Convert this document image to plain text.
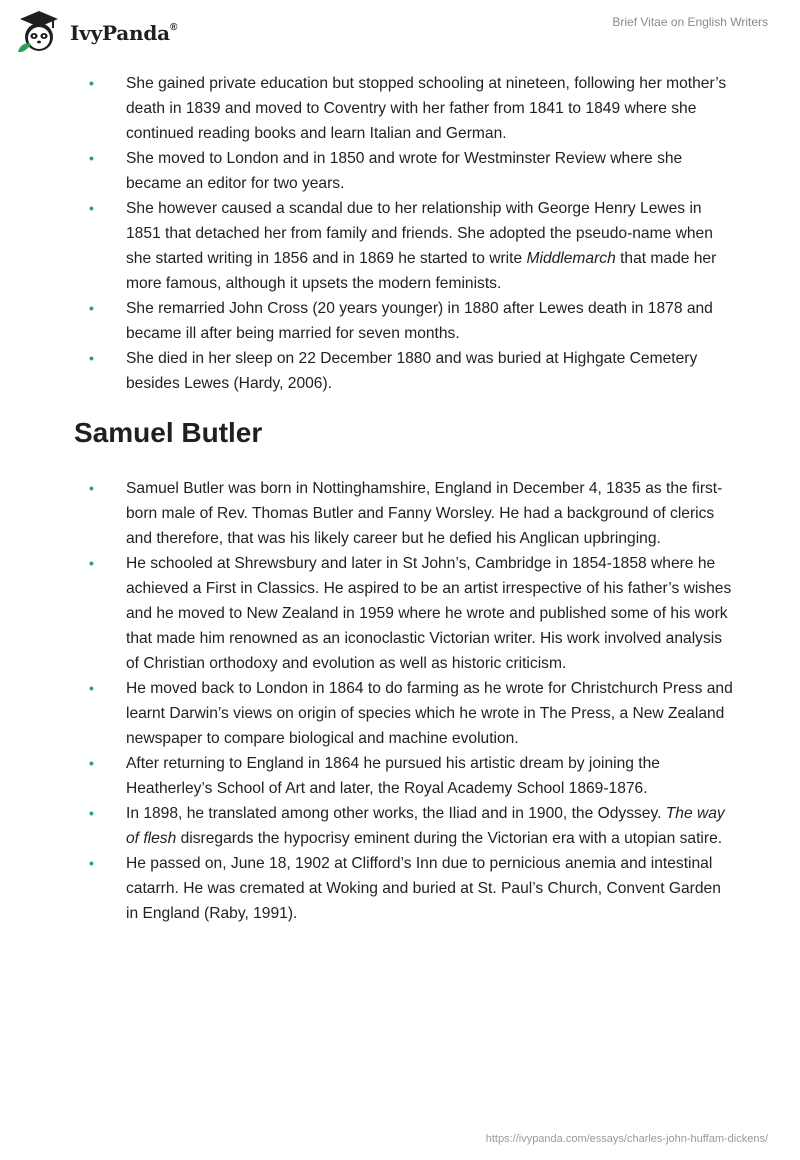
IvyPanda®	Brief Vitae on English Writers
• She gained private education but stopped schooling at nineteen, following her mother’s death in 1839 and moved to Coventry with her father from 1841 to 1849 where she continued reading books and learn Italian and German.
• She moved to London and in 1850 and wrote for Westminster Review where she became an editor for two years.
• She however caused a scandal due to her relationship with George Henry Lewes in 1851 that detached her from family and friends. She adopted the pseudo-name when she started writing in 1856 and in 1869 he started to write Middlemarch that made her more famous, although it upsets the modern feminists.
• She remarried John Cross (20 years younger) in 1880 after Lewes death in 1878 and became ill after being married for seven months.
• She died in her sleep on 22 December 1880 and was buried at Highgate Cemetery besides Lewes (Hardy, 2006).
Samuel Butler
• Samuel Butler was born in Nottinghamshire, England in December 4, 1835 as the first-born male of Rev. Thomas Butler and Fanny Worsley. He had a background of clerics and therefore, that was his likely career but he defied his Anglican upbringing.
• He schooled at Shrewsbury and later in St John’s, Cambridge in 1854-1858 where he achieved a First in Classics. He aspired to be an artist irrespective of his father’s wishes and he moved to New Zealand in 1959 where he wrote and published some of his work that made him renowned as an iconoclastic Victorian writer. His work involved analysis of Christian orthodoxy and evolution as well as historic criticism.
• He moved back to London in 1864 to do farming as he wrote for Christchurch Press and learnt Darwin’s views on origin of species which he wrote in The Press, a New Zealand newspaper to compare biological and machine evolution.
• After returning to England in 1864 he pursued his artistic dream by joining the Heatherley’s School of Art and later, the Royal Academy School 1869-1876.
• In 1898, he translated among other works, the Iliad and in 1900, the Odyssey. The way of flesh disregards the hypocrisy eminent during the Victorian era with a utopian satire.
• He passed on, June 18, 1902 at Clifford’s Inn due to pernicious anemia and intestinal catarrh. He was cremated at Woking and buried at St. Paul’s Church, Convent Garden in England (Raby, 1991).
https://ivypanda.com/essays/charles-john-huffam-dickens/
